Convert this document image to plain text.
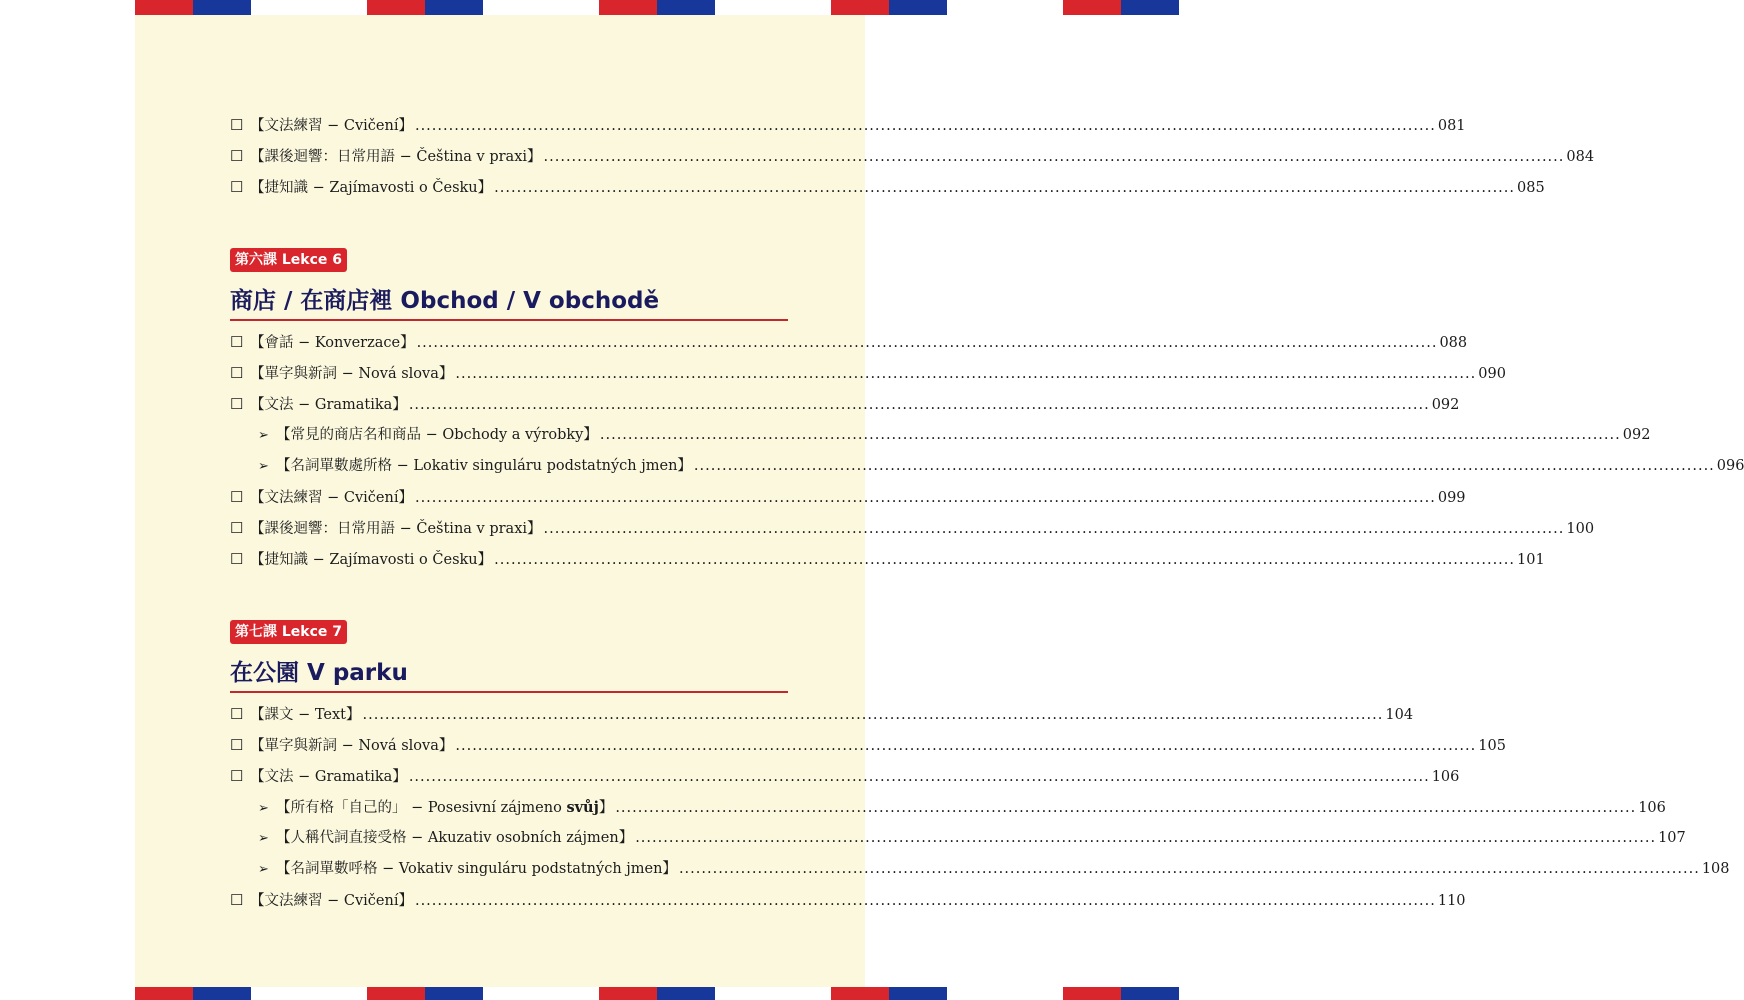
☐ 【文法練習 − Cvičení】 .....	081
☐ 【課後迴響：日常用語 − Čeština v praxi】 .....	084
☐ 【捷知識 − Zajímavosti o Česku】 .....	085
第六課 Lekce 6
商店 / 在商店裡 Obchod / V obchodě
☐ 【會話 − Konverzace】 .....	088
☐ 【單字與新詞 − Nová slova】 .....	090
☐ 【文法 − Gramatika】 .....	092
➢ 【常見的商店名和商品 − Obchody a výrobky】 .....	092
➢ 【名詞單數處所格 − Lokativ singuláru podstatných jmen】 .....	096
☐ 【文法練習 − Cvičení】 .....	099
☐ 【課後迴響：日常用語 − Čeština v praxi】 .....	100
☐ 【捷知識 − Zajímavosti o Česku】 .....	101
第七課 Lekce 7
在公園 V parku
☐ 【課文 − Text】 .....	104
☐ 【單字與新詞 − Nová slova】 .....	105
☐ 【文法 − Gramatika】 .....	106
➢ 【所有格「自己的」 − Posesivní zájmeno svůj】 .....	106
➢ 【人稱代詞直接受格 − Akuzativ osobních zájmen】 .....	107
➢ 【名詞單數呼格 − Vokativ singuláru podstatných jmen】 .....	108
☐ 【文法練習 − Cvičení】 .....	110
